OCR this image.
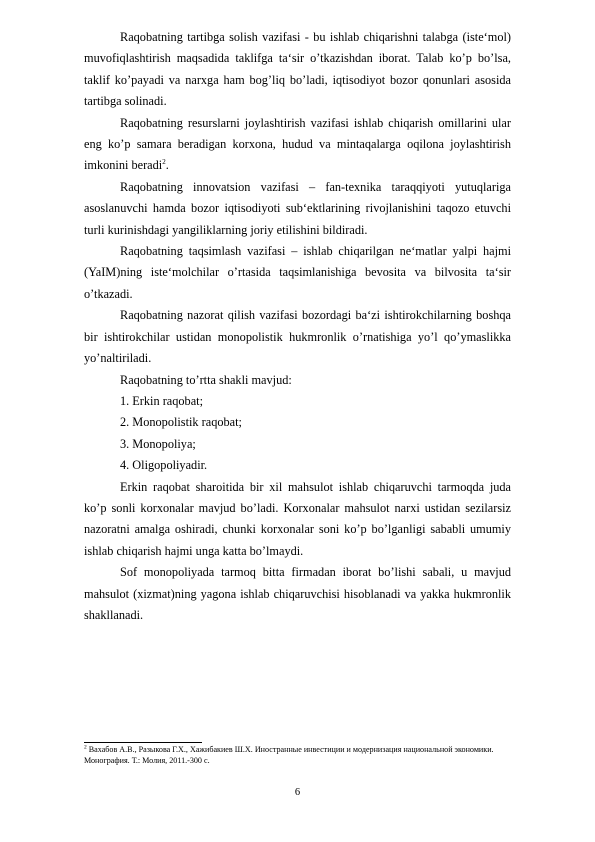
Raqobatning tartibga solish vazifasi - bu ishlab chiqarishni talabga (iste‘mol) muvofiqlashtirish maqsadida taklifga ta‘sir o’tkazishdan iborat. Talab ko’p bo’lsa, taklif ko’payadi va narxga ham bog’liq bo’ladi, iqtisodiyot bozor qonunlari asosida tartibga solinadi.

Raqobatning resurslarni joylashtirish vazifasi ishlab chiqarish omillarini ular eng ko’p samara beradigan korxona, hudud va mintaqalarga oqilona joylashtirish imkonini beradi$^2$.

Raqobatning innovatsion vazifasi – fan-texnika taraqqiyoti yutuqlariga asoslanuvchi hamda bozor iqtisodiyoti sub‘ektlarining rivojlanishini taqozo etuvchi turli kurinishdagi yangiliklarning joriy etilishini bildiradi.

Raqobatning taqsimlash vazifasi – ishlab chiqarilgan ne‘matlar yalpi hajmi (YaIM)ning iste‘molchilar o’rtasida taqsimlanishiga bevosita va bilvosita ta‘sir o’tkazadi.

Raqobatning nazorat qilish vazifasi bozordagi ba‘zi ishtirokchilarning boshqa bir ishtirokchilar ustidan monopolistik hukmronlik o’rnatishiga yo’l qo’ymaslikka yo’naltiriladi.

Raqobatning to’rtta shakli mavjud:

1. Erkin raqobat;

2. Monopolistik raqobat;

3. Monopoliya;

4. Oligopoliyadir.

Erkin raqobat sharoitida bir xil mahsulot ishlab chiqaruvchi tarmoqda juda ko’p sonli korxonalar mavjud bo’ladi. Korxonalar mahsulot narxi ustidan sezilarsiz nazoratni amalga oshiradi, chunki korxonalar soni ko’p bo’lganligi sababli umumiy ishlab chiqarish hajmi unga katta bo’lmaydi.

Sof monopoliyada tarmoq bitta firmadan iborat bo’lishi sabali, u mavjud mahsulot (xizmat)ning yagona ishlab chiqaruvchisi hisoblanadi va yakka hukmronlik shakllanadi.

$^2$ Вахабов А.В., Разыкова Г.Х., Хажибакиев Ш.Х. Иностранные инвестиции и модернизация национальной экономики. Монография. Т.: Молия, 2011.-300 с.
6
